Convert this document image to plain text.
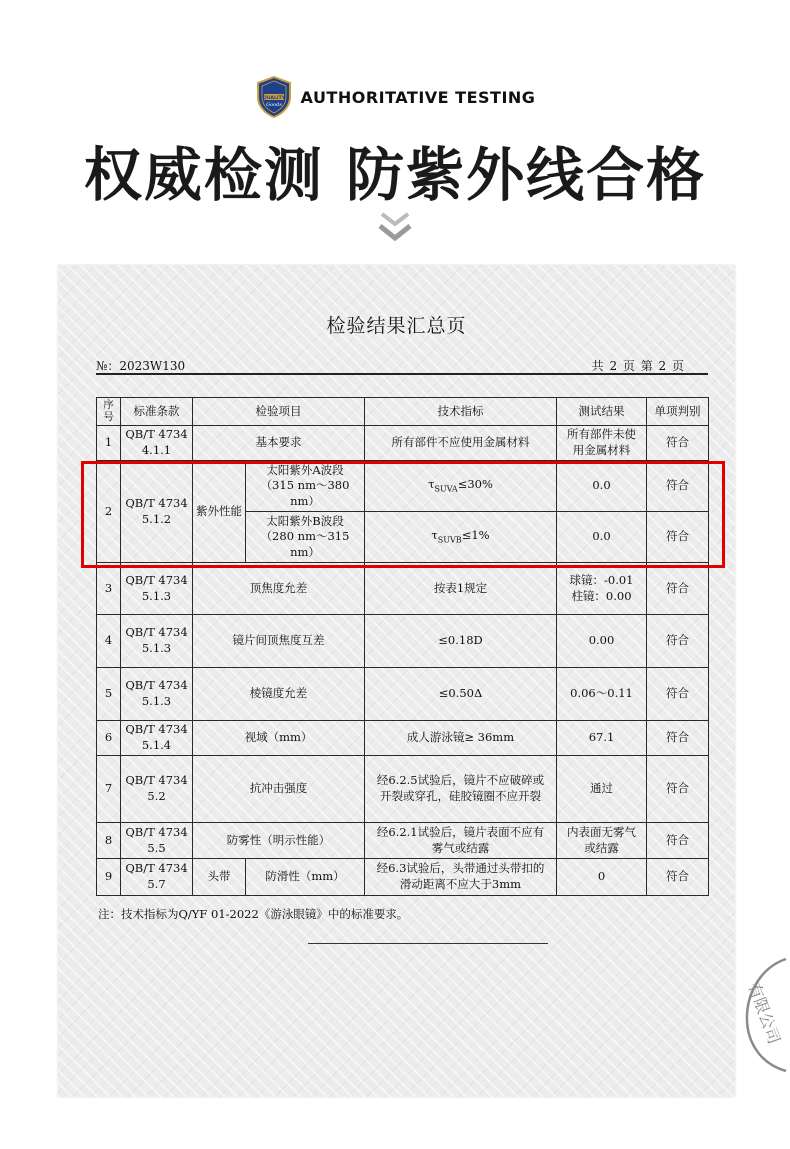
QUALITY
Goods AUTHORITATIVE TESTING
权威检测 防紫外线合格
检验结果汇总页
№：2023W130	共 2 页 第 2 页
序号	标准条款	检验项目		技术指标	测试结果	单项判别
1	QB/T 4734
4.1.1	基本要求		所有部件不应使用金属材料	所有部件未使
用金属材料	符合
2	QB/T 4734
5.1.2	紫外性能	太阳紫外A波段
（315 nm～380
nm）	$\tau_{SUVA}\le 30\%$	0.0	符合
			太阳紫外B波段
（280 nm～315
nm）	$\tau_{SUVB}\le 1\%$	0.0	符合
3	QB/T 4734
5.1.3	顶焦度允差		按表1规定	球镜：-0.01
柱镜：0.00	符合
4	QB/T 4734
5.1.3	镜片间顶焦度互差		≤0.18D	0.00	符合
5	QB/T 4734
5.1.3	棱镜度允差		≤0.50Δ	0.06～0.11	符合
6	QB/T 4734
5.1.4	视域（mm）		成人游泳镜≥ 36mm	67.1	符合
7	QB/T 4734
5.2	抗冲击强度		经6.2.5试验后，镜片不应破碎或
开裂或穿孔，硅胶镜圈不应开裂	通过	符合
8	QB/T 4734
5.5	防雾性（明示性能）		经6.2.1试验后，镜片表面不应有
雾气或结露	内表面无雾气
或结露	符合
9	QB/T 4734
5.7	头带	防滑性（mm）	经6.3试验后，头带通过头带扣的
滑动距离不应大于3mm	0	符合
注：技术指标为Q/YF 01-2022《游泳眼镜》中的标准要求。
有限公司
